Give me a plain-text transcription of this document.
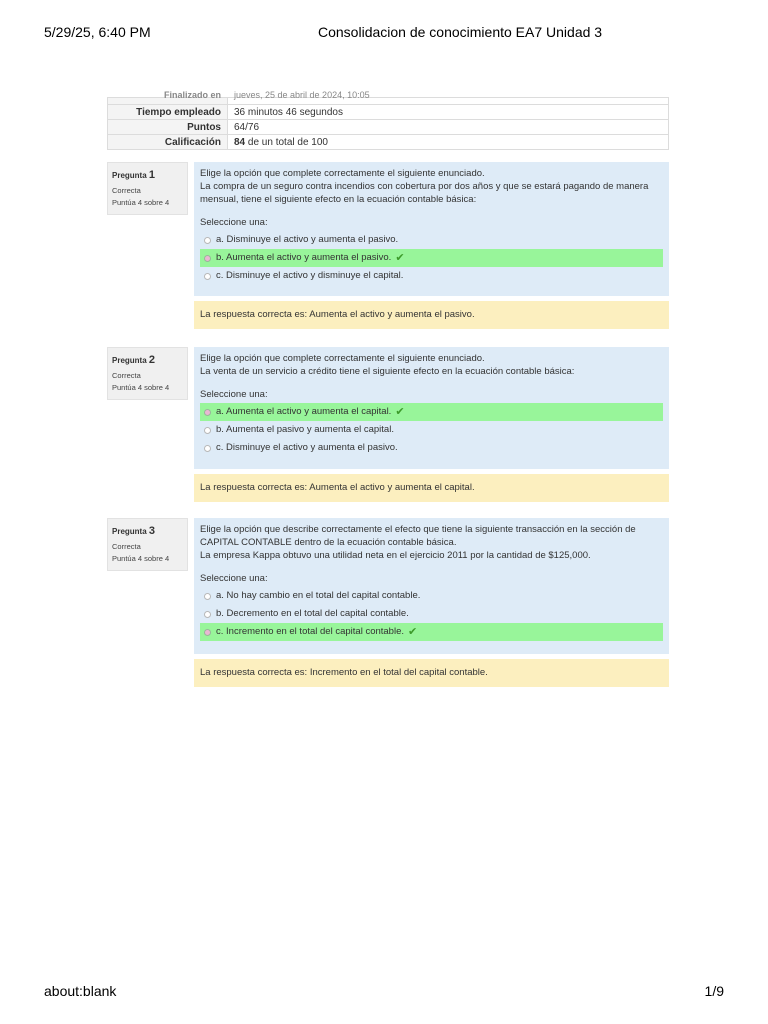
5/29/25, 6:40 PM	Consolidacion de conocimiento EA7 Unidad 3
Finalizado en	jueves, 25 de abril de 2024, 10:05
Tiempo empleado	36 minutos 46 segundos
Puntos	64/76
Calificación	84 de un total de 100
Pregunta 1
Correcta
Puntúa 4 sobre 4

Elige la opción que complete correctamente el siguiente enunciado.

La compra de un seguro contra incendios con cobertura por dos años y que se estará pagando de manera mensual, tiene el siguiente efecto en la ecuación contable básica:

Seleccione una:

a. Disminuye el activo y aumenta el pasivo.
b. Aumenta el activo y aumenta el pasivo. ✔
c. Disminuye el activo y disminuye el capital.
La respuesta correcta es: Aumenta el activo y aumenta el pasivo.
Pregunta 2
Correcta
Puntúa 4 sobre 4

Elige la opción que complete correctamente el siguiente enunciado.

La venta de un servicio a crédito tiene el siguiente efecto en la ecuación contable básica:

Seleccione una:

a. Aumenta el activo y aumenta el capital. ✔
b. Aumenta el pasivo y aumenta el capital.
c. Disminuye el activo y aumenta el pasivo.
La respuesta correcta es: Aumenta el activo y aumenta el capital.
Pregunta 3
Correcta
Puntúa 4 sobre 4

Elige la opción que describe correctamente el efecto que tiene la siguiente transacción en la sección de CAPITAL CONTABLE dentro de la ecuación contable básica.

La empresa Kappa obtuvo una utilidad neta en el ejercicio 2011 por la cantidad de $125,000.

Seleccione una:

a. No hay cambio en el total del capital contable.
b. Decremento en el total del capital contable.
c. Incremento en el total del capital contable. ✔
La respuesta correcta es: Incremento en el total del capital contable.
about:blank	1/9
